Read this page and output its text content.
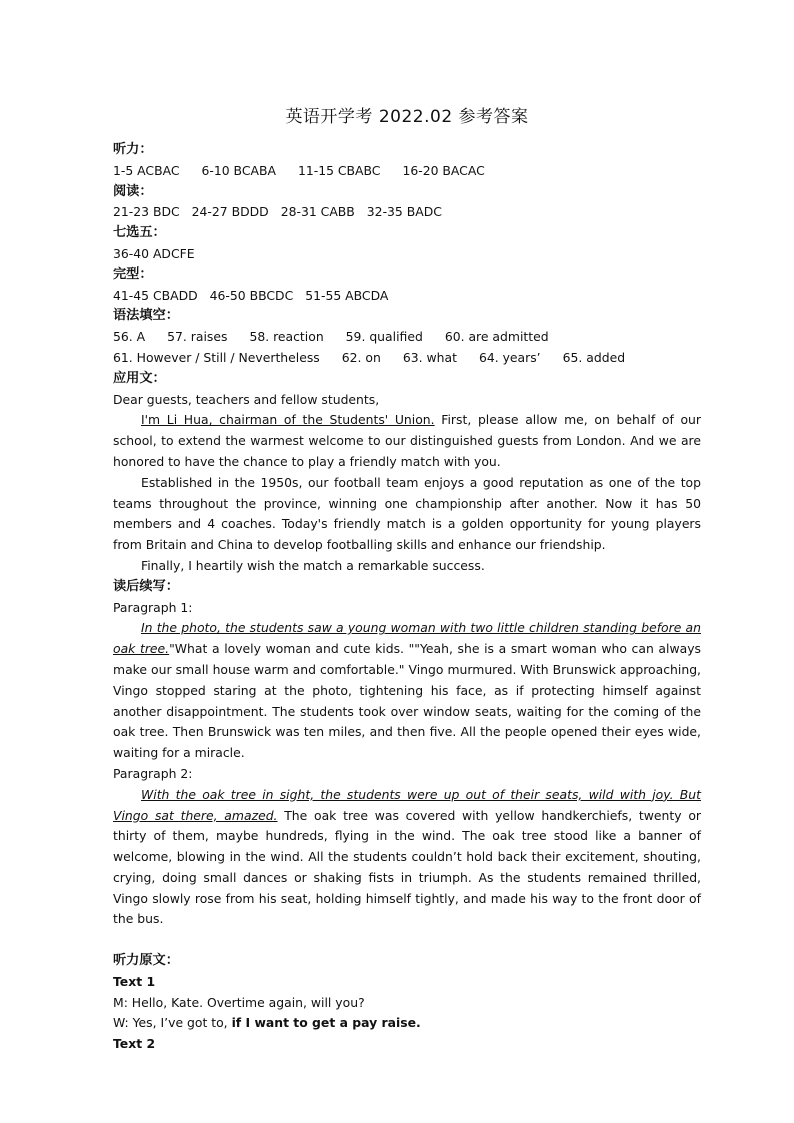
英语开学考 2022.02 参考答案
听力：
1-5 ACBAC 6-10 BCABA 11-15 CBABC 16-20 BACAC
阅读：
21-23 BDC 24-27 BDDD 28-31 CABB 32-35 BADC
七选五：
36-40 ADCFE
完型：
41-45 CBADD 46-50 BBCDC 51-55 ABCDA
语法填空：
56. A 57. raises 58. reaction 59. qualified 60. are admitted
61. However / Still / Nevertheless 62. on 63. what 64. years’ 65. added
应用文：
Dear guests, teachers and fellow students,

I'm Li Hua, chairman of the Students' Union. First, please allow me, on behalf of our school, to extend the warmest welcome to our distinguished guests from London. And we are honored to have the chance to play a friendly match with you.

Established in the 1950s, our football team enjoys a good reputation as one of the top teams throughout the province, winning one championship after another. Now it has 50 members and 4 coaches. Today's friendly match is a golden opportunity for young players from Britain and China to develop footballing skills and enhance our friendship.

Finally, I heartily wish the match a remarkable success.

读后续写：
Paragraph 1:

In the photo, the students saw a young woman with two little children standing before an oak tree."What a lovely woman and cute kids. ""Yeah, she is a smart woman who can always make our small house warm and comfortable." Vingo murmured. With Brunswick approaching, Vingo stopped staring at the photo, tightening his face, as if protecting himself against another disappointment. The students took over window seats, waiting for the coming of the oak tree. Then Brunswick was ten miles, and then five. All the people opened their eyes wide, waiting for a miracle.

Paragraph 2:

With the oak tree in sight, the students were up out of their seats, wild with joy. But Vingo sat there, amazed. The oak tree was covered with yellow handkerchiefs, twenty or thirty of them, maybe hundreds, flying in the wind. The oak tree stood like a banner of welcome, blowing in the wind. All the students couldn’t hold back their excitement, shouting, crying, doing small dances or shaking fists in triumph. As the students remained thrilled, Vingo slowly rose from his seat, holding himself tightly, and made his way to the front door of the bus.

听力原文：
Text 1
M: Hello, Kate. Overtime again, will you?
W: Yes, I’ve got to, if I want to get a pay raise.
Text 2
